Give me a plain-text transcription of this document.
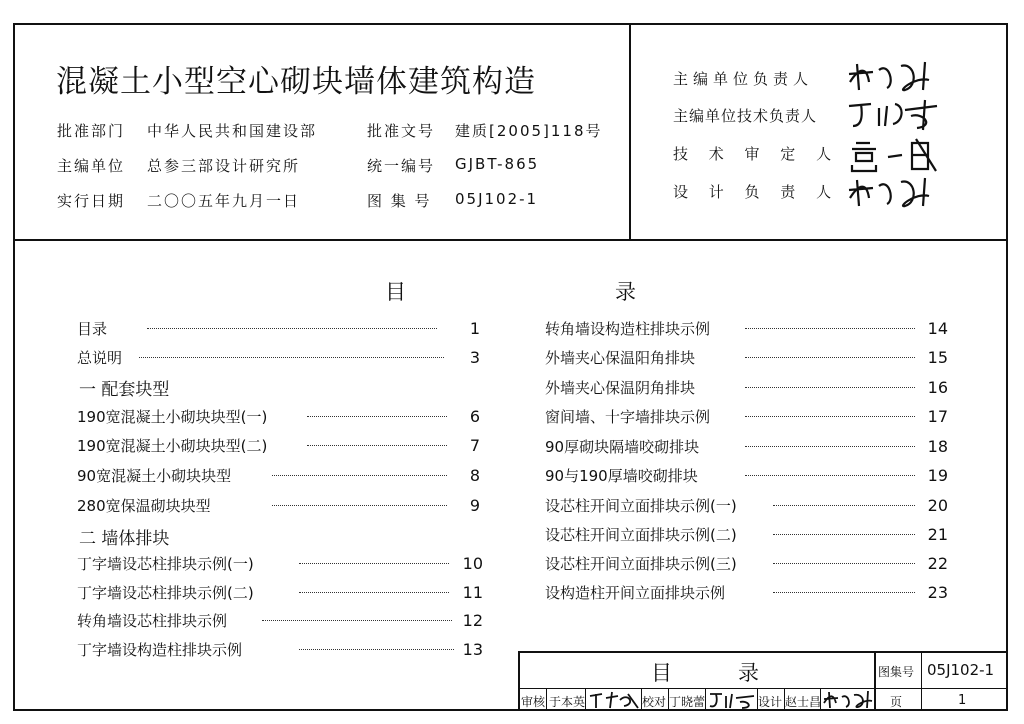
混凝土小型空心砌块墙体建筑构造
批准部门 中华人民共和国建设部
主编单位 总参三部设计研究所
实行日期 二〇〇五年九月一日
批准文号 建质[2005]118号
统一编号 GJBT-865
图 集 号 05J102-1
主编单位负责人
主编单位技术负责人
技 术 审 定 人
设 计 负 责 人
目	录
目录	1
总说明	3
一 配套块型
190宽混凝土小砌块块型(一)	6
190宽混凝土小砌块块型(二)	7
90宽混凝土小砌块块型	8
280宽保温砌块块型	9
二 墙体排块
丁字墙设芯柱排块示例(一)	10
丁字墙设芯柱排块示例(二)	11
转角墙设芯柱排块示例	12
丁字墙设构造柱排块示例	13
转角墙设构造柱排块示例	14
外墙夹心保温阳角排块	15
外墙夹心保温阴角排块	16
窗间墙、十字墙排块示例	17
90厚砌块隔墙咬砌排块	18
90与190厚墙咬砌排块	19
设芯柱开间立面排块示例(一)	20
设芯柱开间立面排块示例(二)	21
设芯柱开间立面排块示例(三)	22
设构造柱开间立面排块示例	23
目	录	图集号 05J102-1
审核 于本英	校对 丁晓蕾	设计 赵士昌	页	1
